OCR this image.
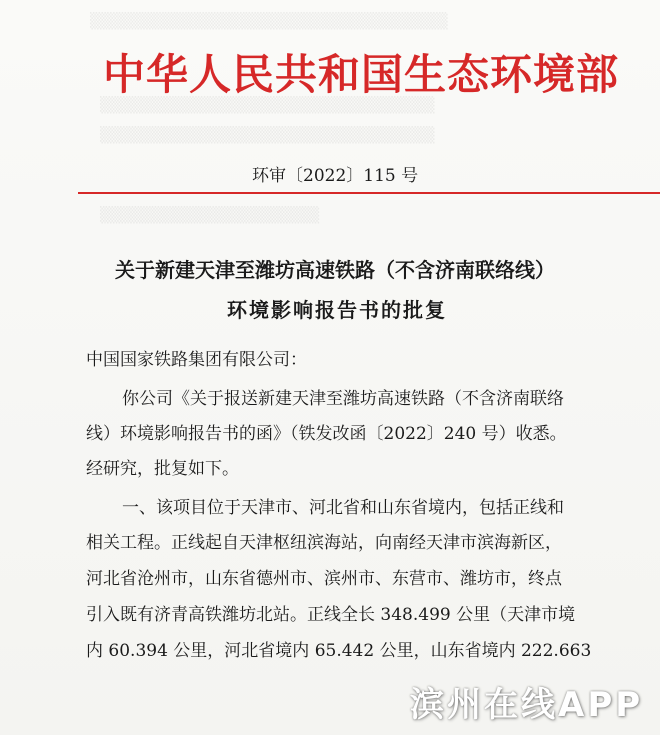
▒▒▒▒▒▒▒▒▒▒▒▒▒▒▒▒▒▒▒▒▒▒▒▒▒▒▒▒▒▒▒
▒▒▒▒▒▒▒▒▒▒▒▒▒▒▒▒▒▒▒▒▒▒▒▒▒▒▒▒▒
▒▒▒▒▒▒▒▒▒▒▒▒▒▒▒▒▒▒▒▒▒▒▒▒▒▒▒▒▒
▒▒▒▒▒▒▒▒▒▒▒▒▒▒▒▒▒▒▒
中华人民共和国生态环境部
环审〔2022〕115 号
关于新建天津至潍坊高速铁路（不含济南联络线）
环境影响报告书的批复
中国国家铁路集团有限公司：
你公司《关于报送新建天津至潍坊高速铁路（不含济南联络
线）环境影响报告书的函》（铁发改函〔2022〕240 号）收悉。
经研究，批复如下。
一、该项目位于天津市、河北省和山东省境内，包括正线和
相关工程。正线起自天津枢纽滨海站，向南经天津市滨海新区，
河北省沧州市，山东省德州市、滨州市、东营市、潍坊市，终点
引入既有济青高铁潍坊北站。正线全长 348.499 公里（天津市境
内 60.394 公里，河北省境内 65.442 公里，山东省境内 222.663
滨州在线APP
